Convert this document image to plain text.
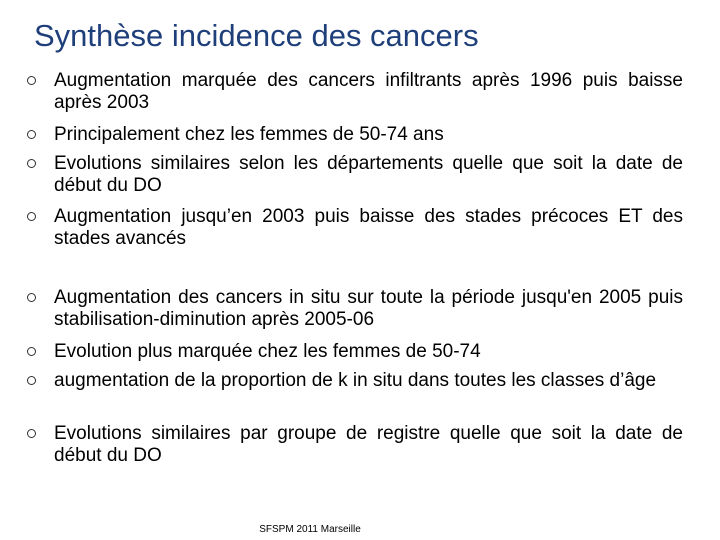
Synthèse incidence des cancers
Augmentation marquée des cancers infiltrants après 1996 puis baisse après 2003
Principalement chez les femmes de 50-74 ans
Evolutions similaires selon les départements quelle que soit la date de début du DO
Augmentation jusqu’en 2003 puis baisse des stades précoces ET des stades avancés
Augmentation des cancers in situ sur toute la période jusqu'en 2005 puis stabilisation-diminution après 2005-06
Evolution plus marquée chez les femmes de 50-74
augmentation de la proportion de k in situ dans toutes les classes d’âge
Evolutions similaires par groupe de registre quelle que soit la date de début du DO
SFSPM 2011 Marseille
